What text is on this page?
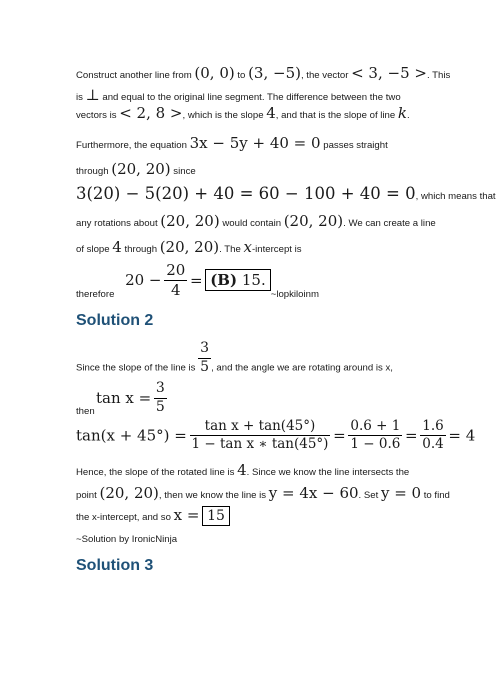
Construct another line from (0, 0) to (3, −5), the vector < 3, −5 >. This
is ⊥ and equal to the original line segment. The difference between the two
vectors is < 2, 8 >, which is the slope 4, and that is the slope of line k.
Furthermore, the equation 3x − 5y + 40 = 0 passes straight
through (20, 20) since
3(20) − 5(20) + 40 = 60 − 100 + 40 = 0, which means that
any rotations about (20, 20) would contain (20, 20). We can create a line
of slope 4 through (20, 20). The x-intercept is
therefore $20 - \frac{20}{4} = (B)$ 15.~lopkiloinm
Solution 2
Since the slope of the line is $\frac{3}{5}$ , and the angle we are rotating around is x,
then
$\tan x = \frac{3}{5}$
$\tan(x + 45^\circ) = \frac{\text{tan x + tan(45°)}}{\text{1 − tan x ∗ tan(45°)}} = \frac{0.6 + 1}{1 - 0.6} = \frac{1.6}{0.4} = 4$
Hence, the slope of the rotated line is 4. Since we know the line intersects the
point (20, 20), then we know the line is y = 4x − 60. Set y = 0 to find
the x-intercept, and so x = 15
~Solution by IronicNinja
Solution 3
